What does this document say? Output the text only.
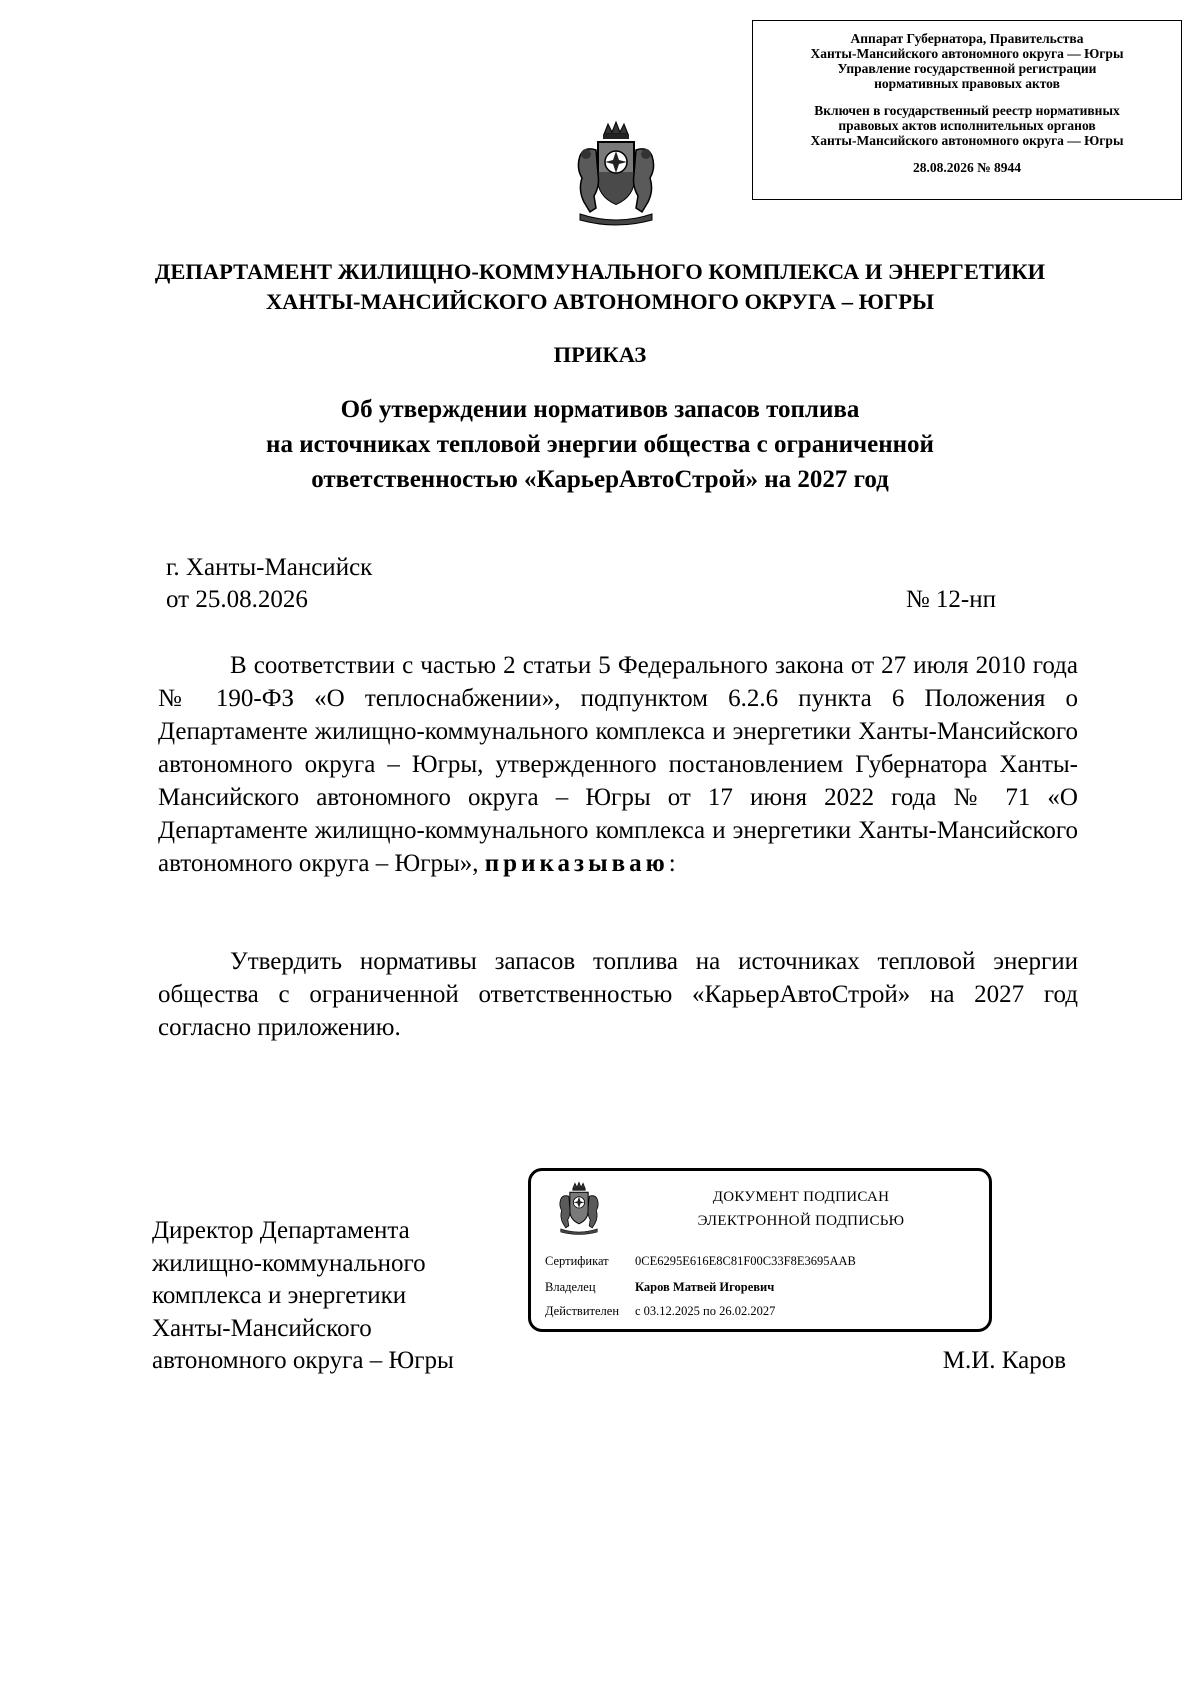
Аппарат Губернатора, Правительства
Ханты-Мансийского автономного округа — Югры
Управление государственной регистрации
нормативных правовых актов
Включен в государственный реестр нормативных
правовых актов исполнительных органов
Ханты-Мансийского автономного округа — Югры
28.08.2026 № 8944
ДЕПАРТАМЕНТ ЖИЛИЩНО-КОММУНАЛЬНОГО КОМПЛЕКСА И ЭНЕРГЕТИКИ
ХАНТЫ-МАНСИЙСКОГО АВТОНОМНОГО ОКРУГА – ЮГРЫ
ПРИКАЗ
Об утверждении нормативов запасов топлива
на источниках тепловой энергии общества с ограниченной
ответственностью «КарьерАвтоСтрой» на 2027 год
г. Ханты-Мансийск
от 25.08.2026	№ 12-нп

В соответствии с частью 2 статьи 5 Федерального закона от 27 июля 2010 года № 190-ФЗ «О теплоснабжении», подпунктом 6.2.6 пункта 6 Положения о Департаменте жилищно-коммунального комплекса и энергетики Ханты-Мансийского автономного округа – Югры, утвержденного постановлением Губернатора Ханты-Мансийского автономного округа – Югры от 17 июня 2022 года № 71 «О Департаменте жилищно-коммунального комплекса и энергетики Ханты-Мансийского автономного округа – Югры», приказываю:

Утвердить нормативы запасов топлива на источниках тепловой энергии общества с ограниченной ответственностью «КарьерАвтоСтрой» на 2027 год согласно приложению.

Директор Департамента
жилищно-коммунального
комплекса и энергетики
Ханты-Мансийского
автономного округа – Югры	М.И. Каров
ДОКУМЕНТ ПОДПИСАН
ЭЛЕКТРОННОЙ ПОДПИСЬЮ
Сертификат 0CE6295E616E8C81F00C33F8E3695AAB
Владелец	Каров Матвей Игоревич
Действителен с 03.12.2025 по 26.02.2027
